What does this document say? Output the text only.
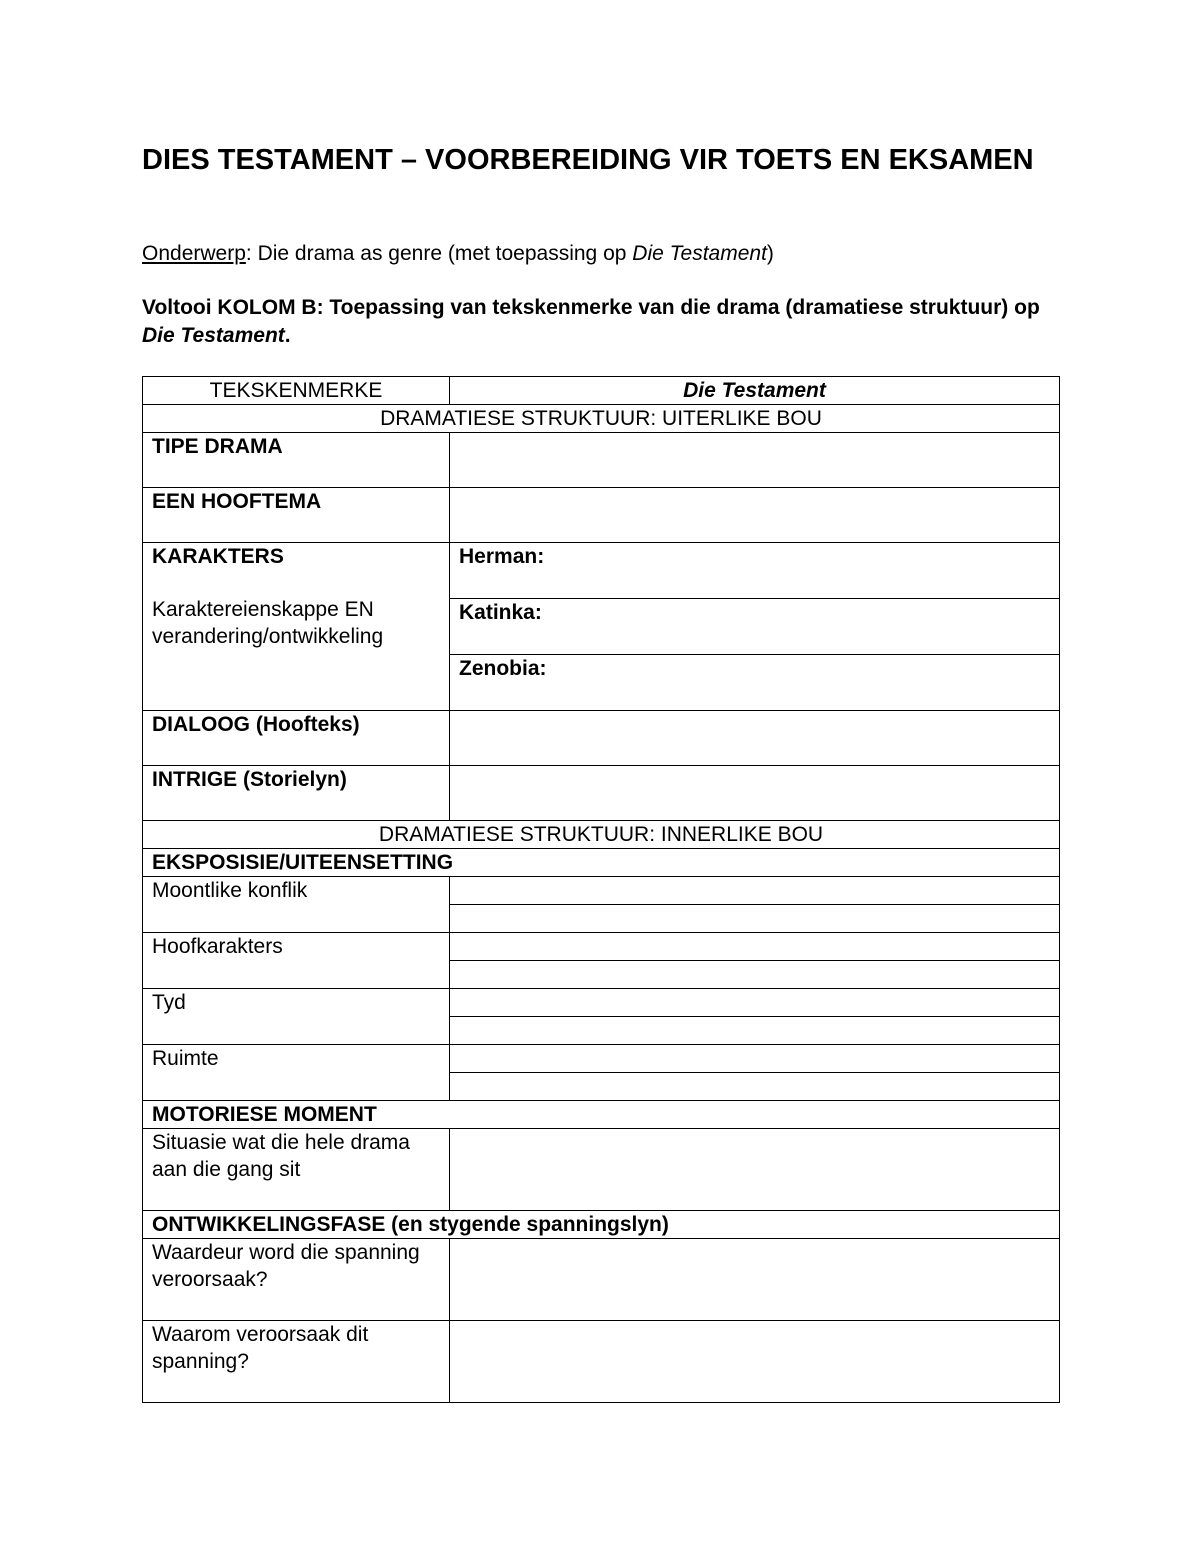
DIES TESTAMENT – VOORBEREIDING VIR TOETS EN EKSAMEN
Onderwerp: Die drama as genre (met toepassing op Die Testament)
Voltooi KOLOM B: Toepassing van tekskenmerke van die drama (dramatiese struktuur) op Die Testament.
TEKSKENMERKE	Die Testament
DRAMATIESE STRUKTUUR: UITERLIKE BOU	
TIPE DRAMA	
EEN HOOFTEMA	
KARAKTERS
Karaktereienskappe EN verandering/ontwikkeling	Herman:
	Katinka:
	Zenobia:
DIALOOG (Hoofteks)	
INTRIGE (Storielyn)	
DRAMATIESE STRUKTUUR: INNERLIKE BOU	
EKSPOSISIE/UITEENSETTING	
Moontlike konflik	

Hoofkarakters	

Tyd	

Ruimte	

MOTORIESE MOMENT	
Situasie wat die hele drama aan die gang sit	
ONTWIKKELINGSFASE (en stygende spanningslyn)	
Waardeur word die spanning veroorsaak?	
Waarom veroorsaak dit spanning?	
